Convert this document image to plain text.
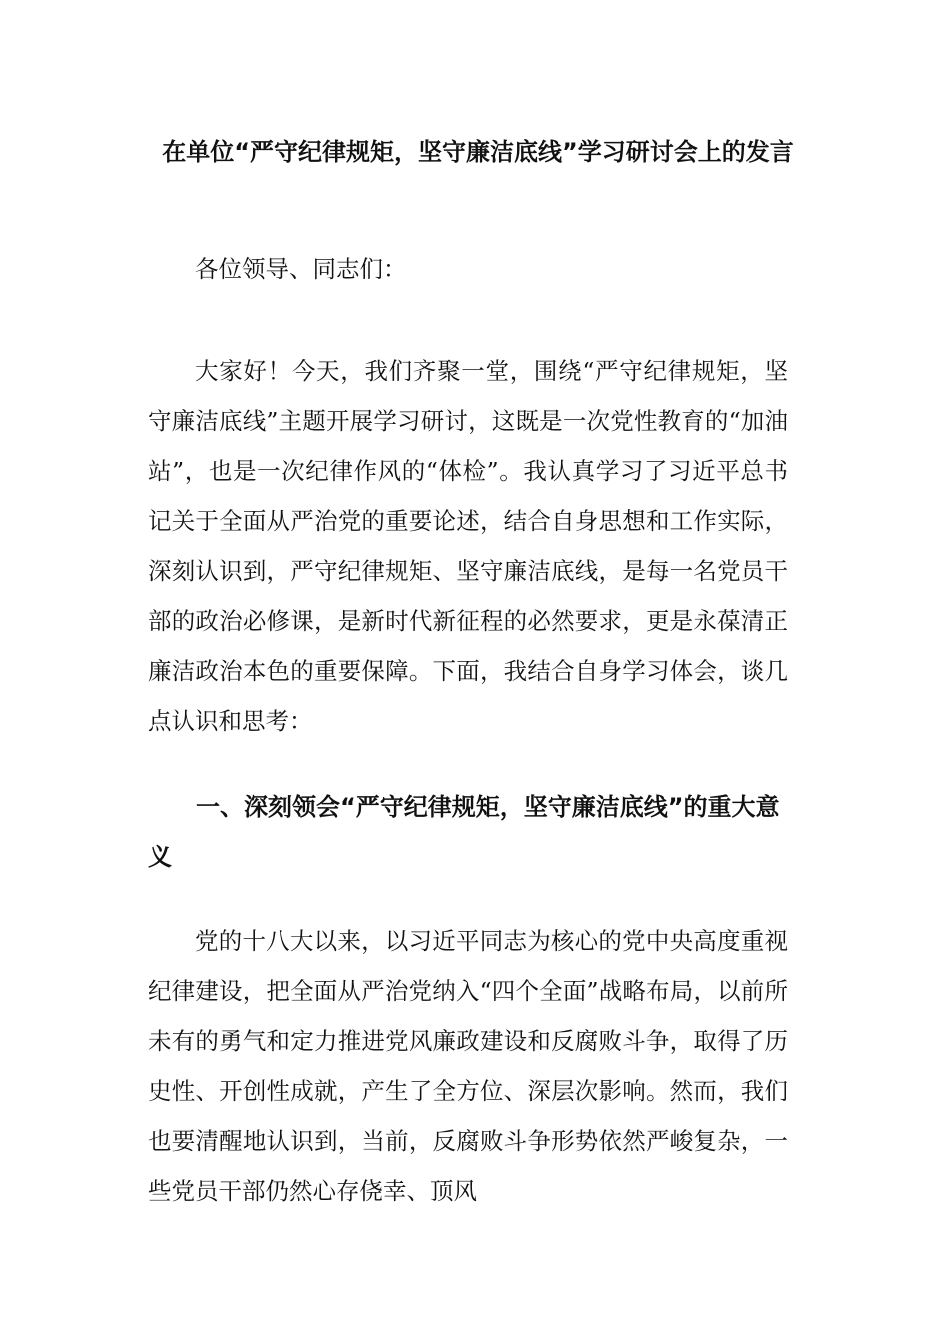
在单位“严守纪律规矩，坚守廉洁底线”学习研讨会上的发言

各位领导、同志们：

大家好！今天，我们齐聚一堂，围绕“严守纪律规矩，坚守廉洁底线”主题开展学习研讨，这既是一次党性教育的“加油站”，也是一次纪律作风的“体检”。我认真学习了习近平总书记关于全面从严治党的重要论述，结合自身思想和工作实际，深刻认识到，严守纪律规矩、坚守廉洁底线，是每一名党员干部的政治必修课，是新时代新征程的必然要求，更是永葆清正廉洁政治本色的重要保障。下面，我结合自身学习体会，谈几点认识和思考：

一、深刻领会“严守纪律规矩，坚守廉洁底线”的重大意义

党的十八大以来，以习近平同志为核心的党中央高度重视纪律建设，把全面从严治党纳入“四个全面”战略布局，以前所未有的勇气和定力推进党风廉政建设和反腐败斗争，取得了历史性、开创性成就，产生了全方位、深层次影响。然而，我们也要清醒地认识到，当前，反腐败斗争形势依然严峻复杂，一些党员干部仍然心存侥幸、顶风
